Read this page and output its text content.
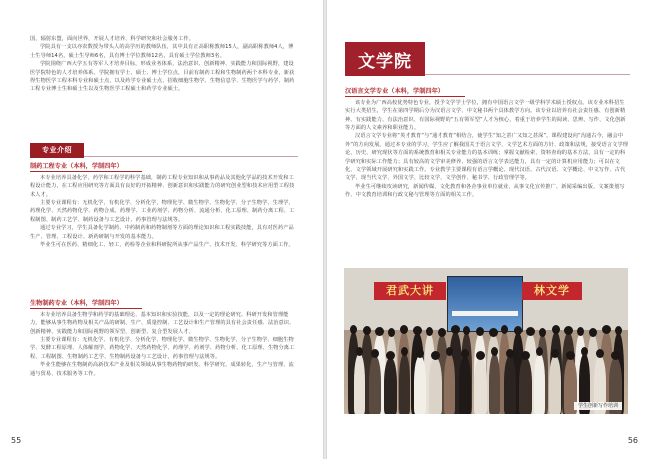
国，辐射东盟，面向世界，开展人才培养、科学研究和社会服务工作。

学院具有一支以亦农数授为带头人的高学历的教师队伍，其中具有正高职称教师15人，副高职称教师4人，博士生导师14名，硕士生导师6名，具有博士学位教师12名，具有硕士学位教师3名。

学院围绕广西大学五有等军人才培养目标，形成业务体系，法治意识、创新精神、实践能力和国际视野，建设医学院特色的人才培养体系。学院拥有学士、硕士、博士学位点，目前有制药工程和生物制药两个本科专业，新获得生物医学工程本科专业和硕士点，以及药学专业硕士点，招收细胞生物学、生物信息学、生物医学与药学、制药工程专业博士生和硕士生以及生物医学工程硕士和药学专业硕士。

专业介绍
制药工程专业（本科，学制四年）

本专业培养具备化学、药学和工程学的科学基础，制药工程专业知识和从事药品及其他化学品的技术开发和工程设计能力，在工程应用研究等方面具有良好的开拓精神、创新意识和实践能力的研究创业型和技术应用型工程技术人才。

主要专业课程有：无机化学、有机化学、分析化学、物理化学、微生物学、生物化学、分子生物学、生理学、药理化学、天然药物化学、药物合成、药理学、工业药剂学、药物分析、流通分析、化工原理、制药分离工程、工程制图、制药工艺学、制药设备与工艺设计、药事管理与法规等。

通过专业学习，学生具备化学制药、中药制药和药物制剂等方面的理论知识和工程实践技能，具有对医药产品生产、管理、工程设计、新药研制与开发的基本能力。

毕业生可在医药、精细化工、轻工、药检等企业和科研院所从事产品生产、技术开发、科学研究等方面工作。

生物制药专业（本科，学制四年）

本专业培养具备生物学和药学的基础理论、基本知识和实验技能，以及一定的理论研究、科研开发和管理能力，能够从事生物药物及相关产品的研制、生产、质量控制、工艺设计和生产管理的具有社会责任感、法治意识、创新精神、实践能力和国际视野的领军型、创新型、复合型发展人才。

主要专业课程有：无机化学、有机化学、分析化学、物理化学、微生物学、生物化学、分子生物学、细胞生物学、发酵工程原理、人体解剖学、药物化学、天然药物化学、药理学、药剂学、药物分析、化工原理、生物分离工程、工程制图、生物制药工艺学、生物制药设备与工艺设计、药事管理与法规等。

毕业生能够在生物制药高新技术产业及相关领域从事生物药物的研发、科学研究、成果转化、生产与管理、流通与贸易、技术服务等工作。

55
文学院
汉语言文学专业（本科，学制四年）

该专业为广西高校优势特色专业，授予文学学士学位，拥有中国语言文学一级学科学术硕士授权点。该专业本科招生实行大类招生，学生在第四学期后分为汉语言文学、中文秘书两个具体教学方向。该专业以培养有社会责任感、有创新精神、有实践能力、有法治意识、有国际视野的“五有领军型”人才为核心，着重于培养学生的阅读、思辨、写作、文化创新等方面的人文素养和职业能力。

汉语言文学专业将“英才教育”与“通才教育”相结合，使学生“知之甚广又知之甚深”。课程建设向“沟通古今，融会中外”的方向发展。通过本专业的学习，学生应了解我国关于语言文学、文学艺术方面的方针、政策和法规，接受语言文学理论、历史、研究现状等方面的系统教育和相关专业能力的基本训练；掌握文献检索、资料查询的基本方法，具有一定的科学研究和实际工作能力；具有较高的文学审美修养、较强的语言文学表达能力，具有一定的计算机应用能力；可以在文化、文学领域开展研究和实践工作。专业教学主要课程有语言学概论、现代汉语、古代汉语、文学概论、中文写作、古代文学、现当代文学、外国文学、比较文学、文学创作、秘书学、行政管理学等。

毕业生可继续攻读研究，新闻传媒、文化教育和各企事业单位就业，从事文化宣传推广、新闻采编出版、文案策划写作、中文教育培训和行政文秘与管理等方面的相关工作。

君武大讲	林文学
学生创新写作培训
56
